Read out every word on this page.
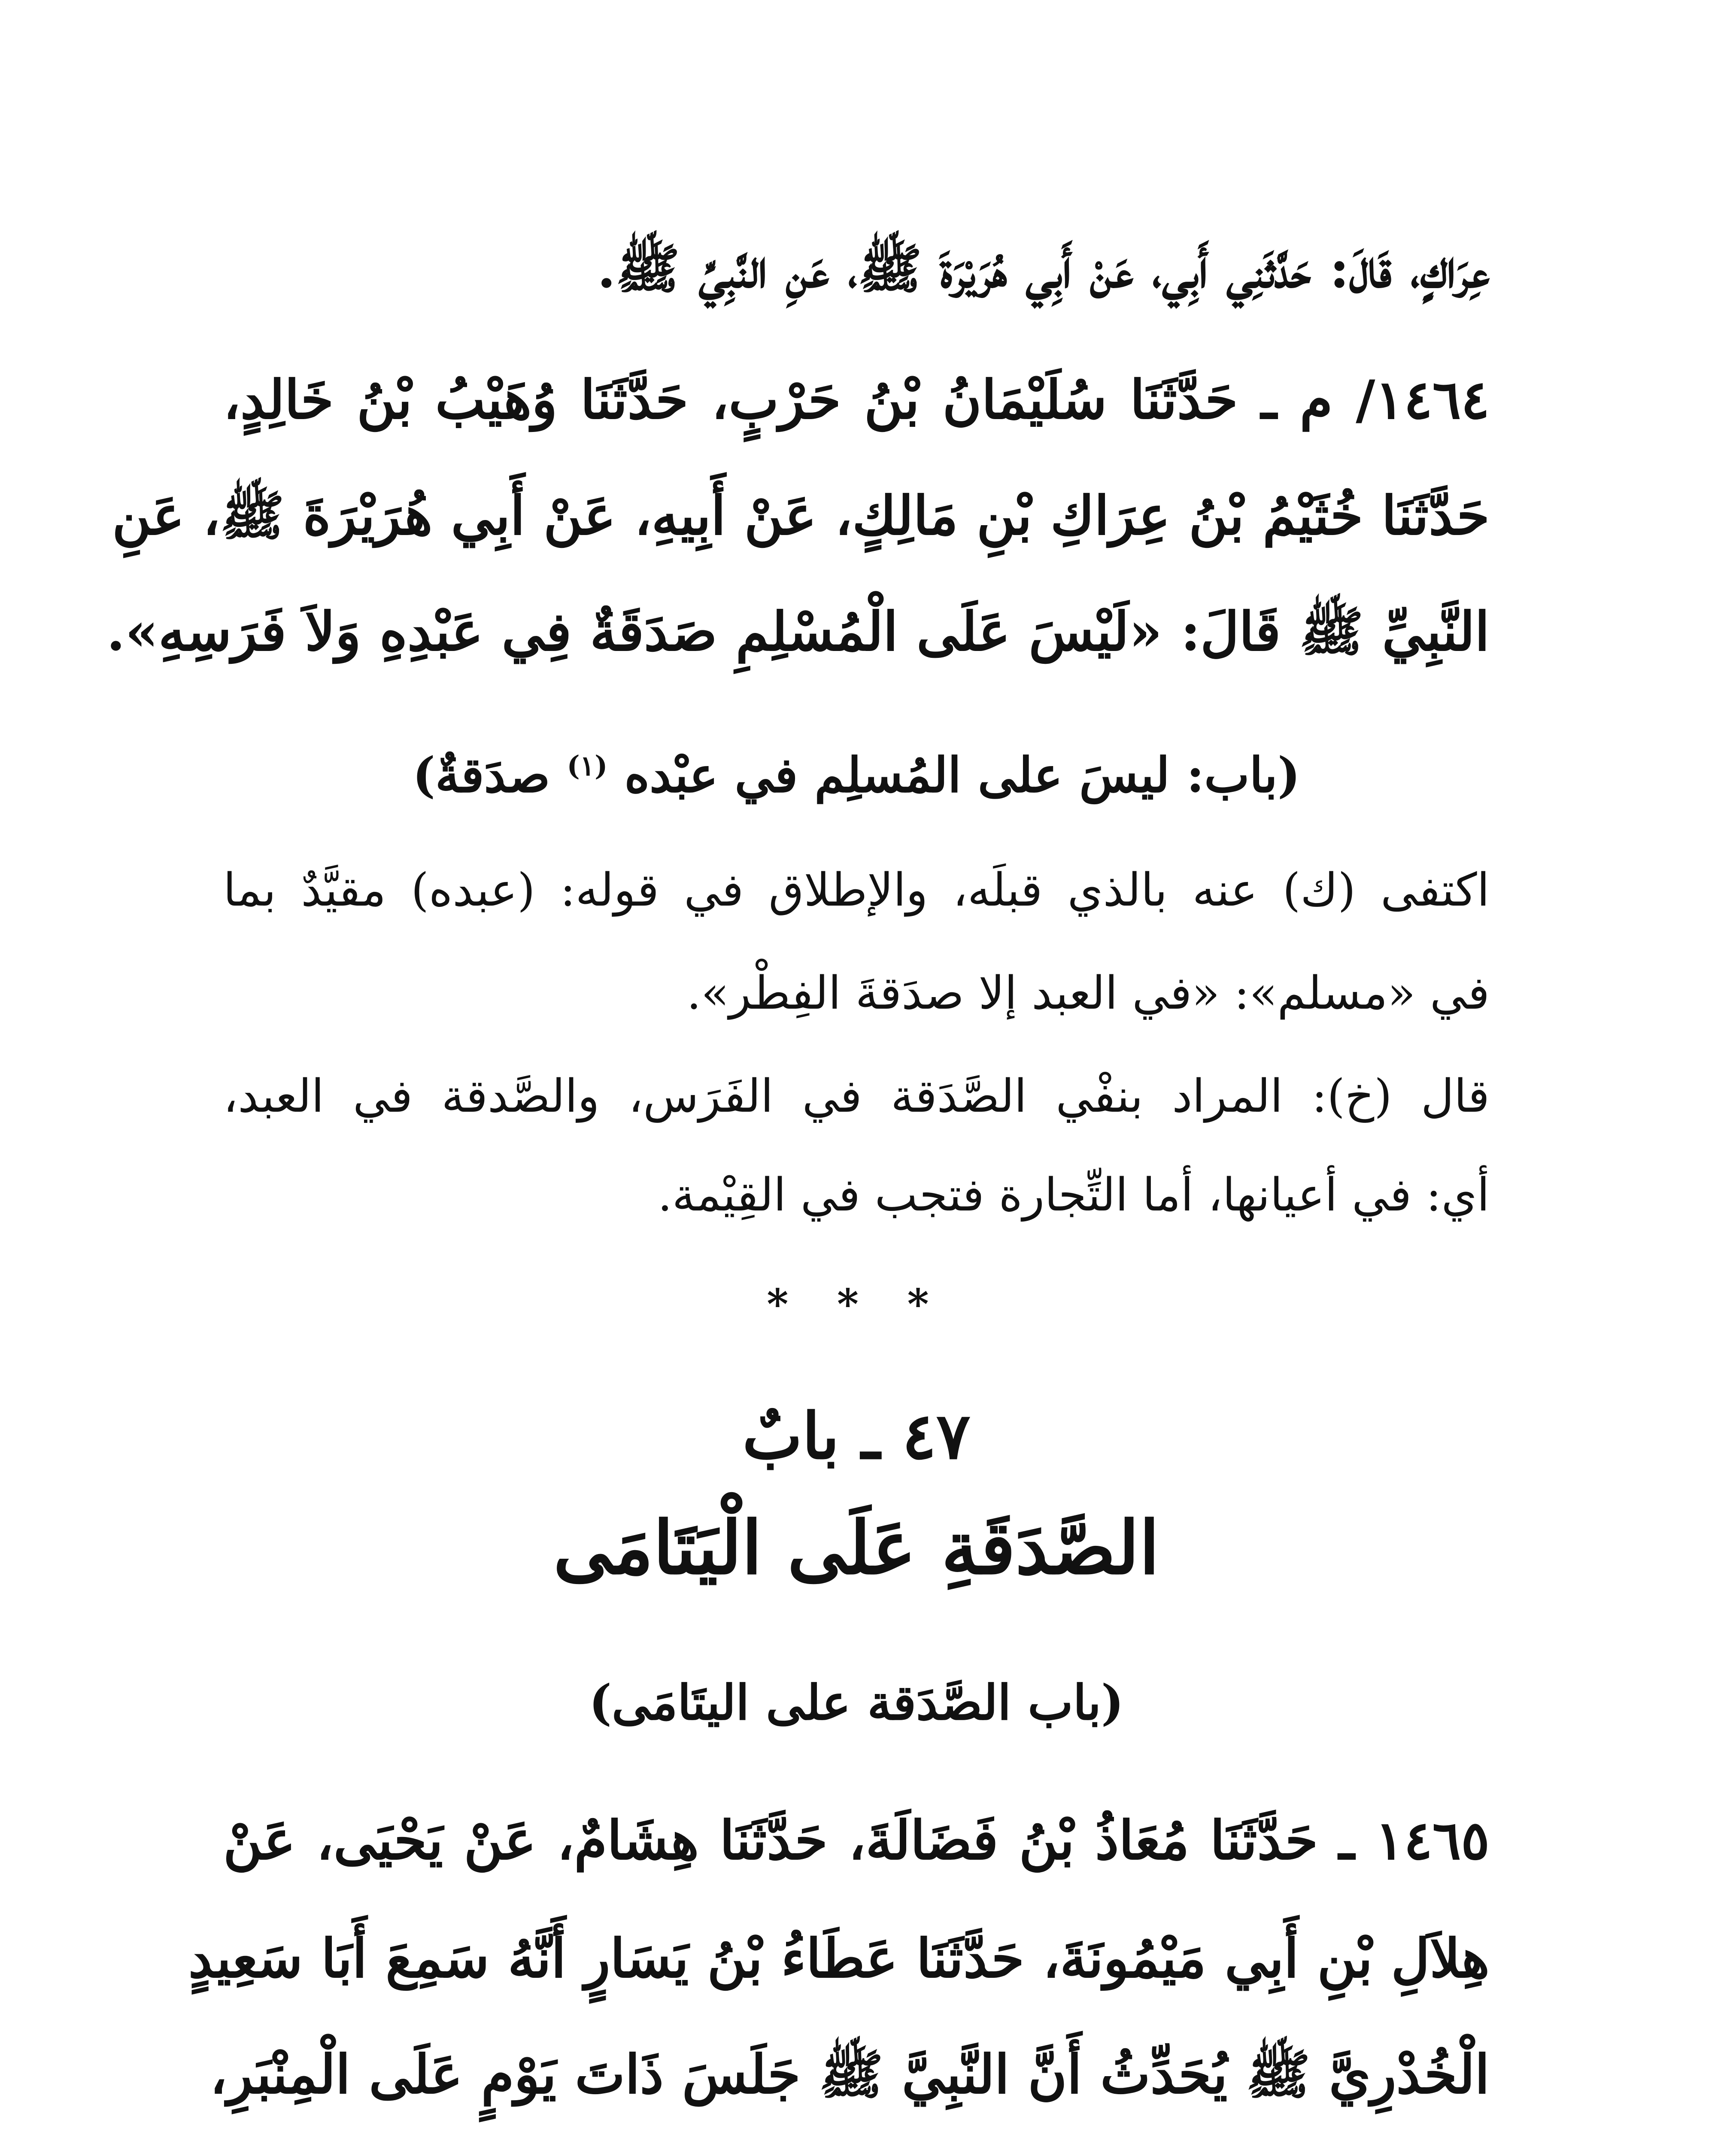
عِرَاكٍ، قَالَ: حَدَّثَنِي أَبِي، عَنْ أَبِي هُرَيْرَةَ ﷺ، عَنِ النَّبِيِّ ﷺ.
١٤٦٤/ م ـ حَدَّثَنَا سُلَيْمَانُ بْنُ حَرْبٍ، حَدَّثَنَا وُهَيْبُ بْنُ خَالِدٍ،
حَدَّثَنَا خُثَيْمُ بْنُ عِرَاكِ بْنِ مَالِكٍ، عَنْ أَبِيهِ، عَنْ أَبِي هُرَيْرَةَ ﷺ، عَنِ
النَّبِيِّ ﷺ قَالَ: «لَيْسَ عَلَى الْمُسْلِمِ صَدَقَةٌ فِي عَبْدِهِ وَلاَ فَرَسِهِ».
(باب: ليسَ على المُسلِم في عبْده $^{(١)}$ صدَقةٌ)
اكتفى (ك) عنه بالذي قبلَه، والإطلاق في قوله: (عبده) مقيَّدٌ بما
في «مسلم»: «في العبد إلا صدَقةَ الفِطْر».
قال (خ): المراد بنفْي الصَّدَقة في الفَرَس، والصَّدقة في العبد،
أي: في أعيانها، أما التِّجارة فتجب في القِيْمة.
* * *
٤٧ ـ بابٌ
الصَّدَقَةِ عَلَى الْيَتَامَى
(باب الصَّدَقة على اليتَامَى)
١٤٦٥ ـ حَدَّثَنَا مُعَاذُ بْنُ فَضَالَةَ، حَدَّثَنَا هِشَامٌ، عَنْ يَحْيَى، عَنْ
هِلاَلِ بْنِ أَبِي مَيْمُونَةَ، حَدَّثَنَا عَطَاءُ بْنُ يَسَارٍ أَنَّهُ سَمِعَ أَبَا سَعِيدٍ
الْخُدْرِيَّ ﷺ يُحَدِّثُ أَنَّ النَّبِيَّ ﷺ جَلَسَ ذَاتَ يَوْمٍ عَلَى الْمِنْبَرِ،
